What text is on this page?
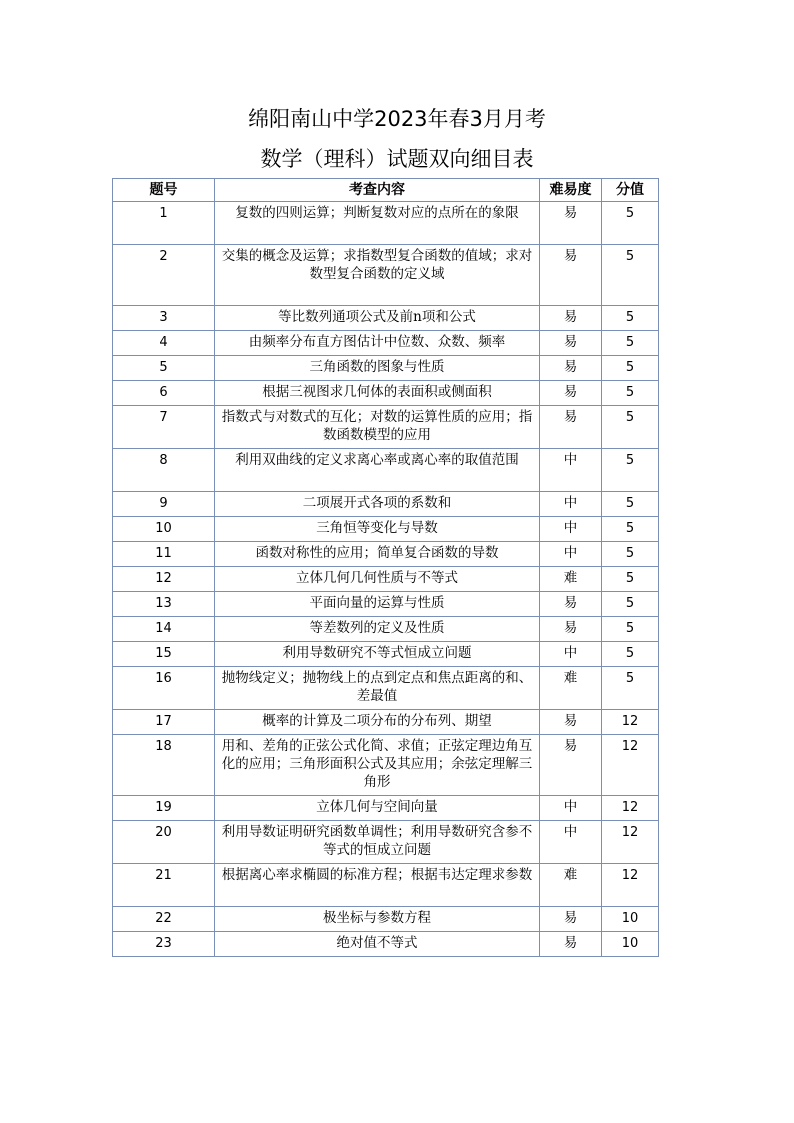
绵阳南山中学2023年春3月月考
数学（理科）试题双向细目表
题号	考查内容	难易度	分值
1	复数的四则运算；判断复数对应的点所在的象限	易	5
2	交集的概念及运算；求指数型复合函数的值域；求对数型复合函数的定义域	易	5
3	等比数列通项公式及前n项和公式	易	5
4	由频率分布直方图估计中位数、众数、频率	易	5
5	三角函数的图象与性质	易	5
6	根据三视图求几何体的表面积或侧面积	易	5
7	指数式与对数式的互化；对数的运算性质的应用；指数函数模型的应用	易	5
8	利用双曲线的定义求离心率或离心率的取值范围	中	5
9	二项展开式各项的系数和	中	5
10	三角恒等变化与导数	中	5
11	函数对称性的应用；简单复合函数的导数	中	5
12	立体几何几何性质与不等式	难	5
13	平面向量的运算与性质	易	5
14	等差数列的定义及性质	易	5
15	利用导数研究不等式恒成立问题	中	5
16	抛物线定义；抛物线上的点到定点和焦点距离的和、差最值	难	5
17	概率的计算及二项分布的分布列、期望	易	12
18	用和、差角的正弦公式化简、求值；正弦定理边角互化的应用；三角形面积公式及其应用；余弦定理解三角形	易	12
19	立体几何与空间向量	中	12
20	利用导数证明研究函数单调性；利用导数研究含参不等式的恒成立问题	中	12
21	根据离心率求椭圆的标准方程；根据韦达定理求参数	难	12
22	极坐标与参数方程	易	10
23	绝对值不等式	易	10
